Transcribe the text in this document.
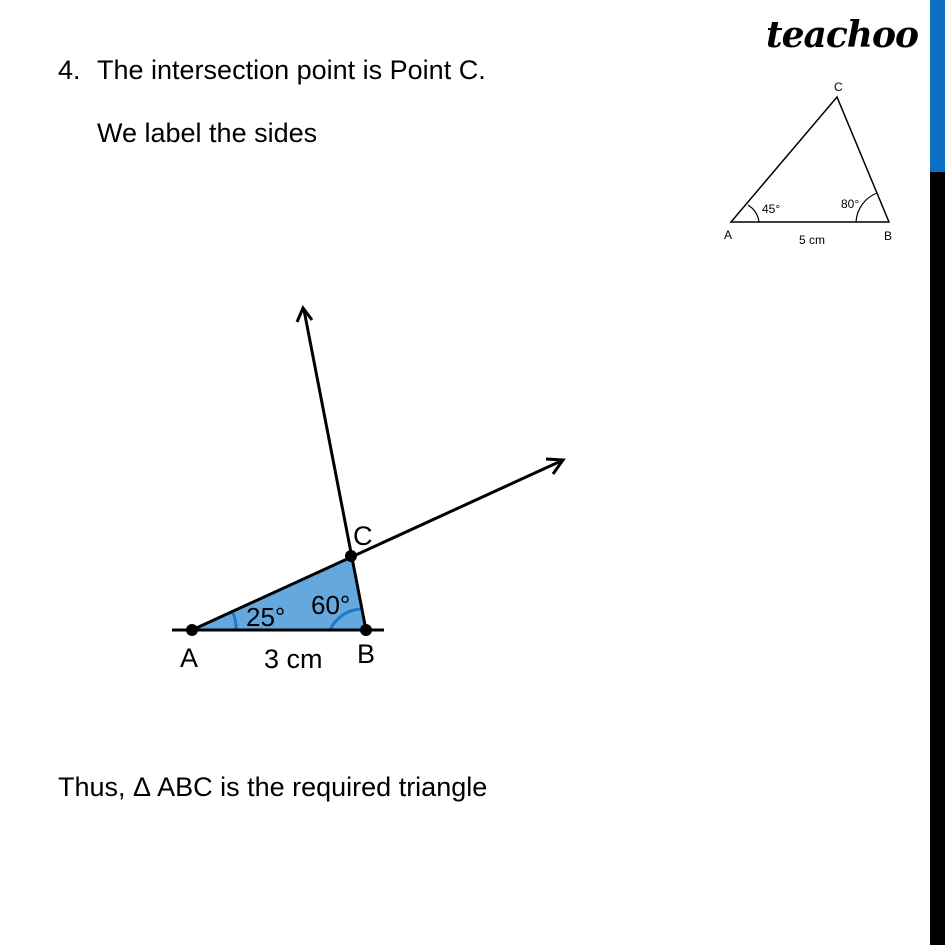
teachoo
4. The intersection point is Point C.
We label the sides
Thus, Δ ABC is the required triangle
A	B
C
25° 60°
3 cm
A	B
C
45°	80°
5 cm
